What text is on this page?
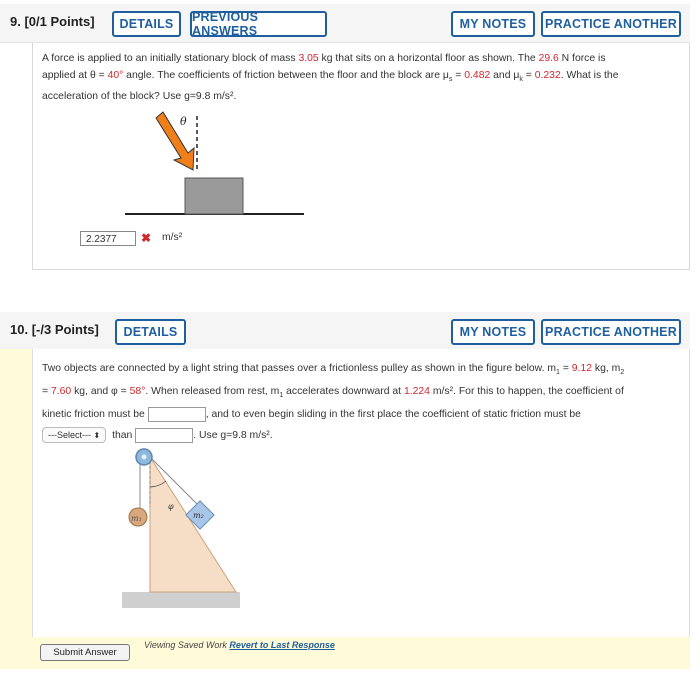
9. [0/1 Points]	DETAILS	PREVIOUS ANSWERS	MY NOTES	PRACTICE ANOTHER
A force is applied to an initially stationary block of mass 3.05 kg that sits on a horizontal floor as shown. The 29.6 N force is
applied at θ = 40° angle. The coefficients of friction between the floor and the block are $\mu_s = 0.482$ and $\mu_k = 0.232$. What is the
acceleration of the block? Use g=9.8 m/s².
θ
2.2377	✖ m/s²
10. [-/3 Points]	DETAILS	MY NOTES	PRACTICE ANOTHER
Two objects are connected by a light string that passes over a frictionless pulley as shown in the figure below. $m_1 = 9.12$ kg, $m_2$
= 7.60 kg, and φ = 58°. When released from rest, $m_1$ accelerates downward at 1.224 m/s². For this to happen, the coefficient of
kinetic friction must be	, and to even begin sliding in the first place the coefficient of static friction must be
---Select--- ⬍ than	. Use g=9.8 m/s².
φ
m₁	m₂
Submit Answer
Viewing Saved Work Revert to Last Response
